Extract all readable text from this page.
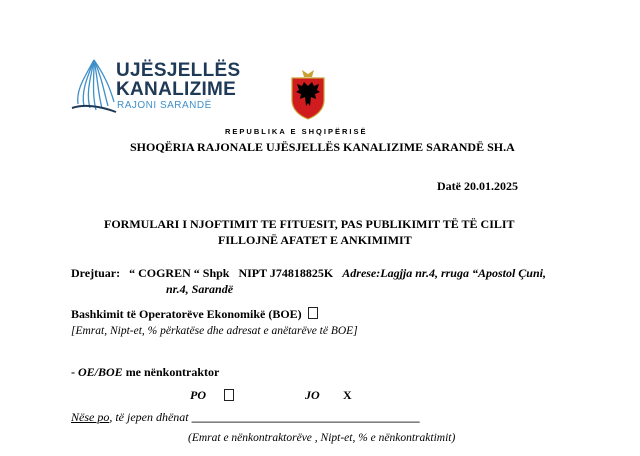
UJËSJELLËS
KANALIZIME
RAJONI SARANDË
REPUBLIKA E SHQIPËRISË
SHOQËRIA RAJONALE UJËSJELLËS KANALIZIME SARANDË SH.A
Datë 20.01.2025
FORMULARI I NJOFTIMIT TE FITUESIT, PAS PUBLIKIMIT TË TË CILIT
FILLOJNË AFATET E ANKIMIMIT
Drejtuar: “ COGREN “ Shpk NIPT J74818825K Adrese:Lagjja nr.4, rruga “Apostol Çuni,
nr.4, Sarandë
Bashkimit të Operatorëve Ekonomikë (BOE)
[Emrat, Nipt-et, % përkatëse dhe adresat e anëtarëve të BOE]
- OE/BOE me nënkontraktor
PO	JO X
Nëse po, të jepen dhënat ______________________________________
(Emrat e nënkontraktorëve , Nipt-et, % e nënkontraktimit)
